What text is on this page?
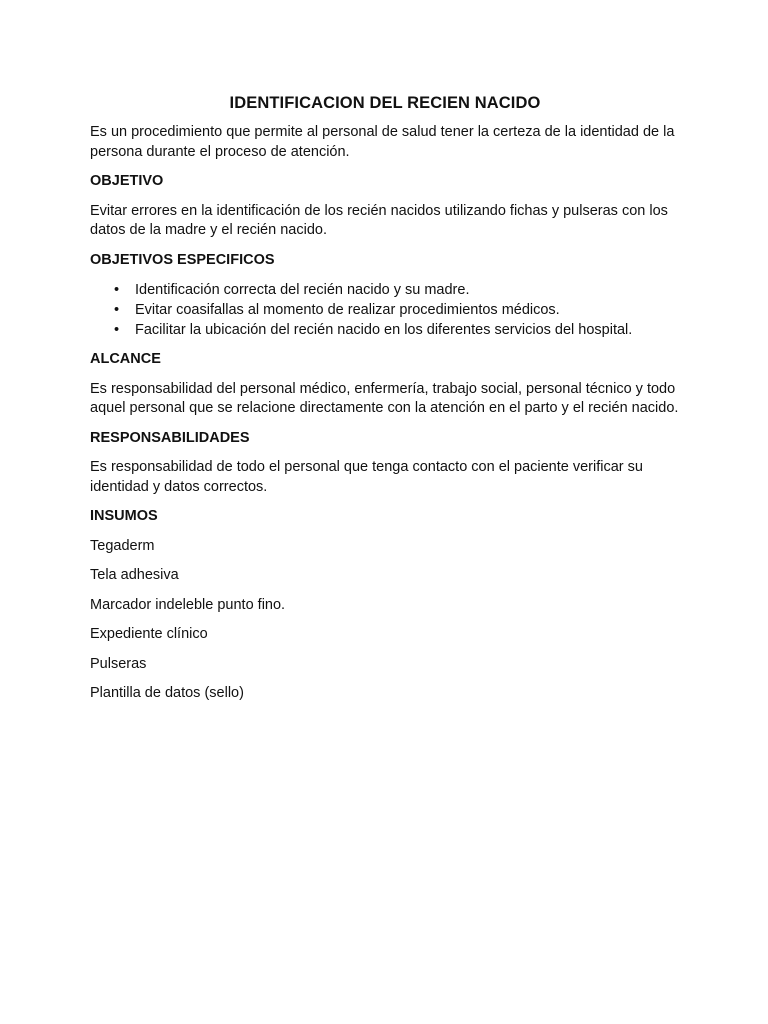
IDENTIFICACION DEL RECIEN NACIDO

Es un procedimiento que permite al personal de salud tener la certeza de la identidad de la persona durante el proceso de atención.

OBJETIVO

Evitar errores en la identificación de los recién nacidos utilizando fichas y pulseras con los datos de la madre y el recién nacido.

OBJETIVOS ESPECIFICOS
• Identificación correcta del recién nacido y su madre.
• Evitar coasifallas al momento de realizar procedimientos médicos.
• Facilitar la ubicación del recién nacido en los diferentes servicios del hospital.
ALCANCE

Es responsabilidad del personal médico, enfermería, trabajo social, personal técnico y todo aquel personal que se relacione directamente con la atención en el parto y el recién nacido.

RESPONSABILIDADES

Es responsabilidad de todo el personal que tenga contacto con el paciente verificar su identidad y datos correctos.

INSUMOS
Tegaderm
Tela adhesiva
Marcador indeleble punto fino.
Expediente clínico
Pulseras
Plantilla de datos (sello)
